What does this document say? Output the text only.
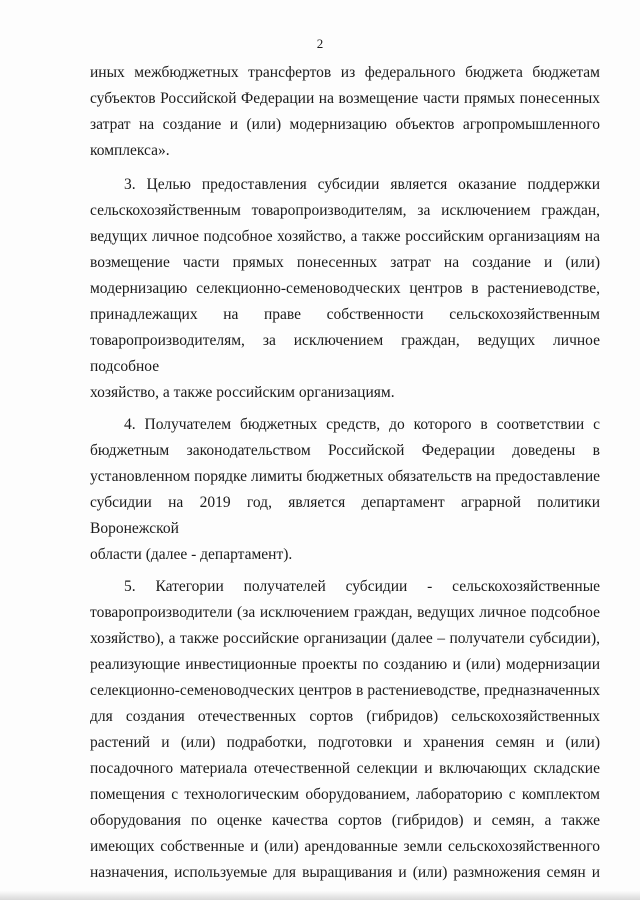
2

иных межбюджетных трансфертов из федерального бюджета бюджетам

субъектов Российской Федерации на возмещение части прямых понесенных

затрат на создание и (или) модернизацию объектов агропромышленного

комплекса».

3. Целью предоставления субсидии является оказание поддержки

сельскохозяйственным товаропроизводителям, за исключением граждан,

ведущих личное подсобное хозяйство, а также российским организациям на

возмещение части прямых понесенных затрат на создание и (или)

модернизацию селекционно-семеноводческих центров в растениеводстве,

принадлежащих на праве собственности сельскохозяйственным

товаропроизводителям, за исключением граждан, ведущих личное подсобное

хозяйство, а также российским организациям.

4. Получателем бюджетных средств, до которого в соответствии с

бюджетным законодательством Российской Федерации доведены в

установленном порядке лимиты бюджетных обязательств на предоставление

субсидии на 2019 год, является департамент аграрной политики Воронежской

области (далее - департамент).

5. Категории получателей субсидии - сельскохозяйственные

товаропроизводители (за исключением граждан, ведущих личное подсобное

хозяйство), а также российские организации (далее – получатели субсидии),

реализующие инвестиционные проекты по созданию и (или) модернизации

селекционно-семеноводческих центров в растениеводстве, предназначенных

для создания отечественных сортов (гибридов) сельскохозяйственных

растений и (или) подработки, подготовки и хранения семян и (или)

посадочного материала отечественной селекции и включающих складские

помещения с технологическим оборудованием, лабораторию с комплектом

оборудования по оценке качества сортов (гибридов) и семян, а также

имеющих собственные и (или) арендованные земли сельскохозяйственного

назначения, используемые для выращивания и (или) размножения семян и
